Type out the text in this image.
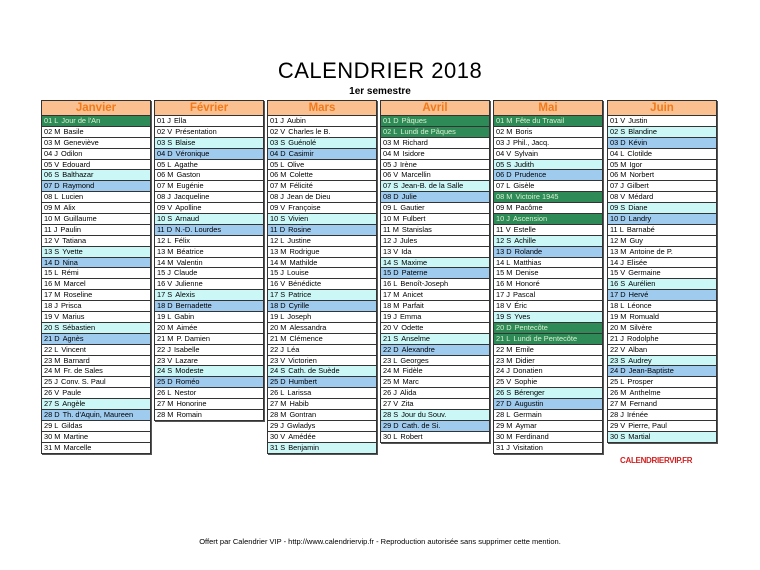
CALENDRIER 2018
1er semestre
Janvier
01 L Jour de l'An
02 M Basile
03 M Geneviève
04 J Odilon
05 V Edouard
06 S Balthazar
07 D Raymond
08 L Lucien
09 M Alix
10 M Guillaume
11 J Paulin
12 V Tatiana
13 S Yvette
14 D Nina
15 L Rémi
16 M Marcel
17 M Roseline
18 J Prisca
19 V Marius
20 S Sébastien
21 D Agnès
22 L Vincent
23 M Barnard
24 M Fr. de Sales
25 J Conv. S. Paul
26 V Paule
27 S Angèle
28 D Th. d'Aquin, Maureen
29 L Gildas
30 M Martine
31 M Marcelle
Février
01 J Ella
02 V Présentation
03 S Blaise
04 D Véronique
05 L Agathe
06 M Gaston
07 M Eugénie
08 J Jacqueline
09 V Apolline
10 S Arnaud
11 D N.-D. Lourdes
12 L Félix
13 M Béatrice
14 M Valentin
15 J Claude
16 V Julienne
17 S Alexis
18 D Bernadette
19 L Gabin
20 M Aimée
21 M P. Damien
22 J Isabelle
23 V Lazare
24 S Modeste
25 D Roméo
26 L Nestor
27 M Honorine
28 M Romain
Mars
01 J Aubin
02 V Charles le B.
03 S Guénolé
04 D Casimir
05 L Olive
06 M Colette
07 M Félicité
08 J Jean de Dieu
09 V Françoise
10 S Vivien
11 D Rosine
12 L Justine
13 M Rodrigue
14 M Mathilde
15 J Louise
16 V Bénédicte
17 S Patrice
18 D Cyrille
19 L Joseph
20 M Alessandra
21 M Clémence
22 J Léa
23 V Victorien
24 S Cath. de Suède
25 D Humbert
26 L Larissa
27 M Habib
28 M Gontran
29 J Gwladys
30 V Amédée
31 S Benjamin
Avril
01 D Pâques
02 L Lundi de Pâques
03 M Richard
04 M Isidore
05 J Irène
06 V Marcellin
07 S Jean-B. de la Salle
08 D Julie
09 L Gautier
10 M Fulbert
11 M Stanislas
12 J Jules
13 V Ida
14 S Maxime
15 D Paterne
16 L Benoît-Joseph
17 M Anicet
18 M Parfait
19 J Emma
20 V Odette
21 S Anselme
22 D Alexandre
23 L Georges
24 M Fidèle
25 M Marc
26 J Alida
27 V Zita
28 S Jour du Souv.
29 D Cath. de Si.
30 L Robert
Mai
01 M Fête du Travail
02 M Boris
03 J Phil., Jacq.
04 V Sylvain
05 S Judith
06 D Prudence
07 L Gisèle
08 M Victoire 1945
09 M Pacôme
10 J Ascension
11 V Estelle
12 S Achille
13 D Rolande
14 L Matthias
15 M Denise
16 M Honoré
17 J Pascal
18 V Éric
19 S Yves
20 D Pentecôte
21 L Lundi de Pentecôte
22 M Emile
23 M Didier
24 J Donatien
25 V Sophie
26 S Bérenger
27 D Augustin
28 L Germain
29 M Aymar
30 M Ferdinand
31 J Visitation
Juin
01 V Justin
02 S Blandine
03 D Kévin
04 L Clotilde
05 M Igor
06 M Norbert
07 J Gilbert
08 V Médard
09 S Diane
10 D Landry
11 L Barnabé
12 M Guy
13 M Antoine de P.
14 J Elisée
15 V Germaine
16 S Aurélien
17 D Hervé
18 L Léonce
19 M Romuald
20 M Silvère
21 J Rodolphe
22 V Alban
23 S Audrey
24 D Jean-Baptiste
25 L Prosper
26 M Anthelme
27 M Fernand
28 J Irénée
29 V Pierre, Paul
30 S Martial
CALENDRIERVIP.FR
Offert par Calendrier VIP - http://www.calendriervip.fr - Reproduction autorisée sans supprimer cette mention.
